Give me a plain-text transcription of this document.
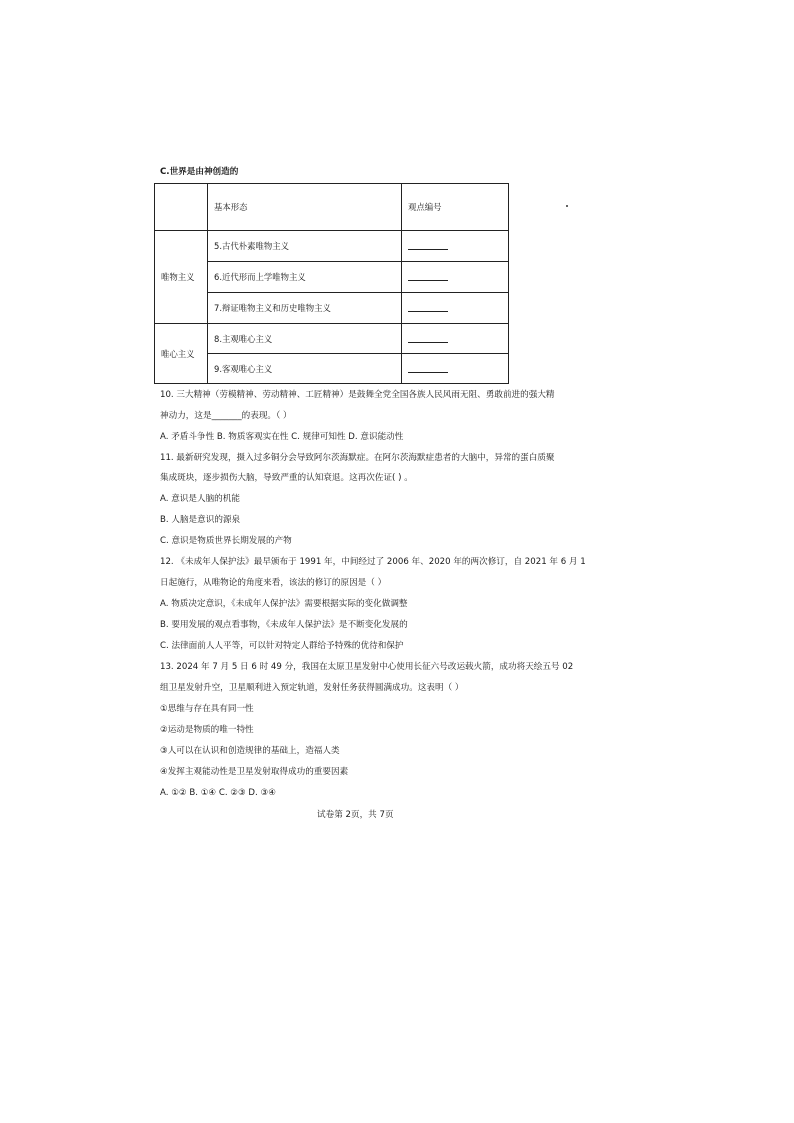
C.世界是由神创造的
	基本形态	观点编号
唯物主义	5.古代朴素唯物主义	
	6.近代形而上学唯物主义	
	7.辩证唯物主义和历史唯物主义	
唯心主义	8.主观唯心主义	
	9.客观唯心主义	
10. 三大精神（劳模精神、劳动精神、工匠精神）是鼓舞全党全国各族人民风雨无阻、勇敢前进的强大精
神动力，这是_______的表现。（ ）
A. 矛盾斗争性 B. 物质客观实在性 C. 规律可知性 D. 意识能动性
11. 最新研究发现，摄入过多铜分会导致阿尔茨海默症。在阿尔茨海默症患者的大脑中，异常的蛋白质聚
集成斑块，逐步损伤大脑，导致严重的认知衰退。这再次佐证( ) 。
A. 意识是人脑的机能
B. 人脑是意识的源泉
C. 意识是物质世界长期发展的产物
12. 《未成年人保护法》最早颁布于 1991 年，中间经过了 2006 年、2020 年的两次修订，自 2021 年 6 月 1
日起施行，从唯物论的角度来看，该法的修订的原因是（ ）
A. 物质决定意识，《未成年人保护法》需要根据实际的变化做调整
B. 要用发展的观点看事物，《未成年人保护法》是不断变化发展的
C. 法律面前人人平等，可以针对特定人群给予特殊的优待和保护
13. 2024 年 7 月 5 日 6 时 49 分，我国在太原卫星发射中心使用长征六号改运载火箭，成功将天绘五号 02
组卫星发射升空，卫星顺利进入预定轨道，发射任务获得圆满成功。这表明（ ）
①思维与存在具有同一性
②运动是物质的唯一特性
③人可以在认识和创造规律的基础上，造福人类
④发挥主观能动性是卫星发射取得成功的重要因素
A. ①② B. ①④ C. ②③ D. ③④
试卷第 2页，共 7页
